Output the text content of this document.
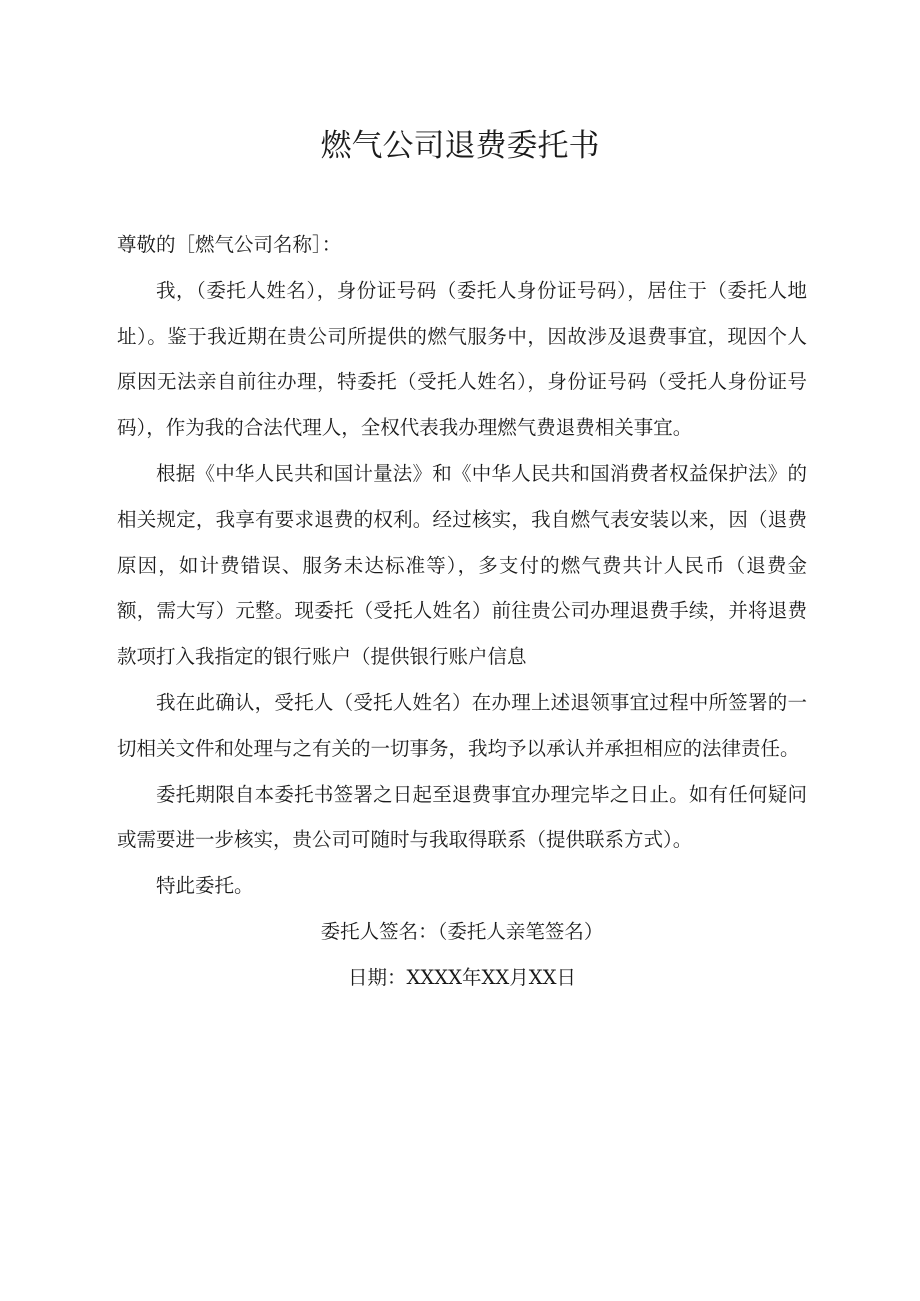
燃气公司退费委托书

尊敬的［燃气公司名称］：

我，（委托人姓名），身份证号码（委托人身份证号码），居住于（委托人地址）。鉴于我近期在贵公司所提供的燃气服务中，因故涉及退费事宜，现因个人原因无法亲自前往办理，特委托（受托人姓名），身份证号码（受托人身份证号码），作为我的合法代理人，全权代表我办理燃气费退费相关事宜。

根据《中华人民共和国计量法》和《中华人民共和国消费者权益保护法》的相关规定，我享有要求退费的权利。经过核实，我自燃气表安装以来，因（退费原因，如计费错误、服务未达标准等），多支付的燃气费共计人民币（退费金额，需大写）元整。现委托（受托人姓名）前往贵公司办理退费手续，并将退费款项打入我指定的银行账户（提供银行账户信息

我在此确认，受托人（受托人姓名）在办理上述退领事宜过程中所签署的一切相关文件和处理与之有关的一切事务，我均予以承认并承担相应的法律责任。

委托期限自本委托书签署之日起至退费事宜办理完毕之日止。如有任何疑问或需要进一步核实，贵公司可随时与我取得联系（提供联系方式）。

特此委托。

委托人签名：（委托人亲笔签名）

日期：XXXX年XX月XX日
